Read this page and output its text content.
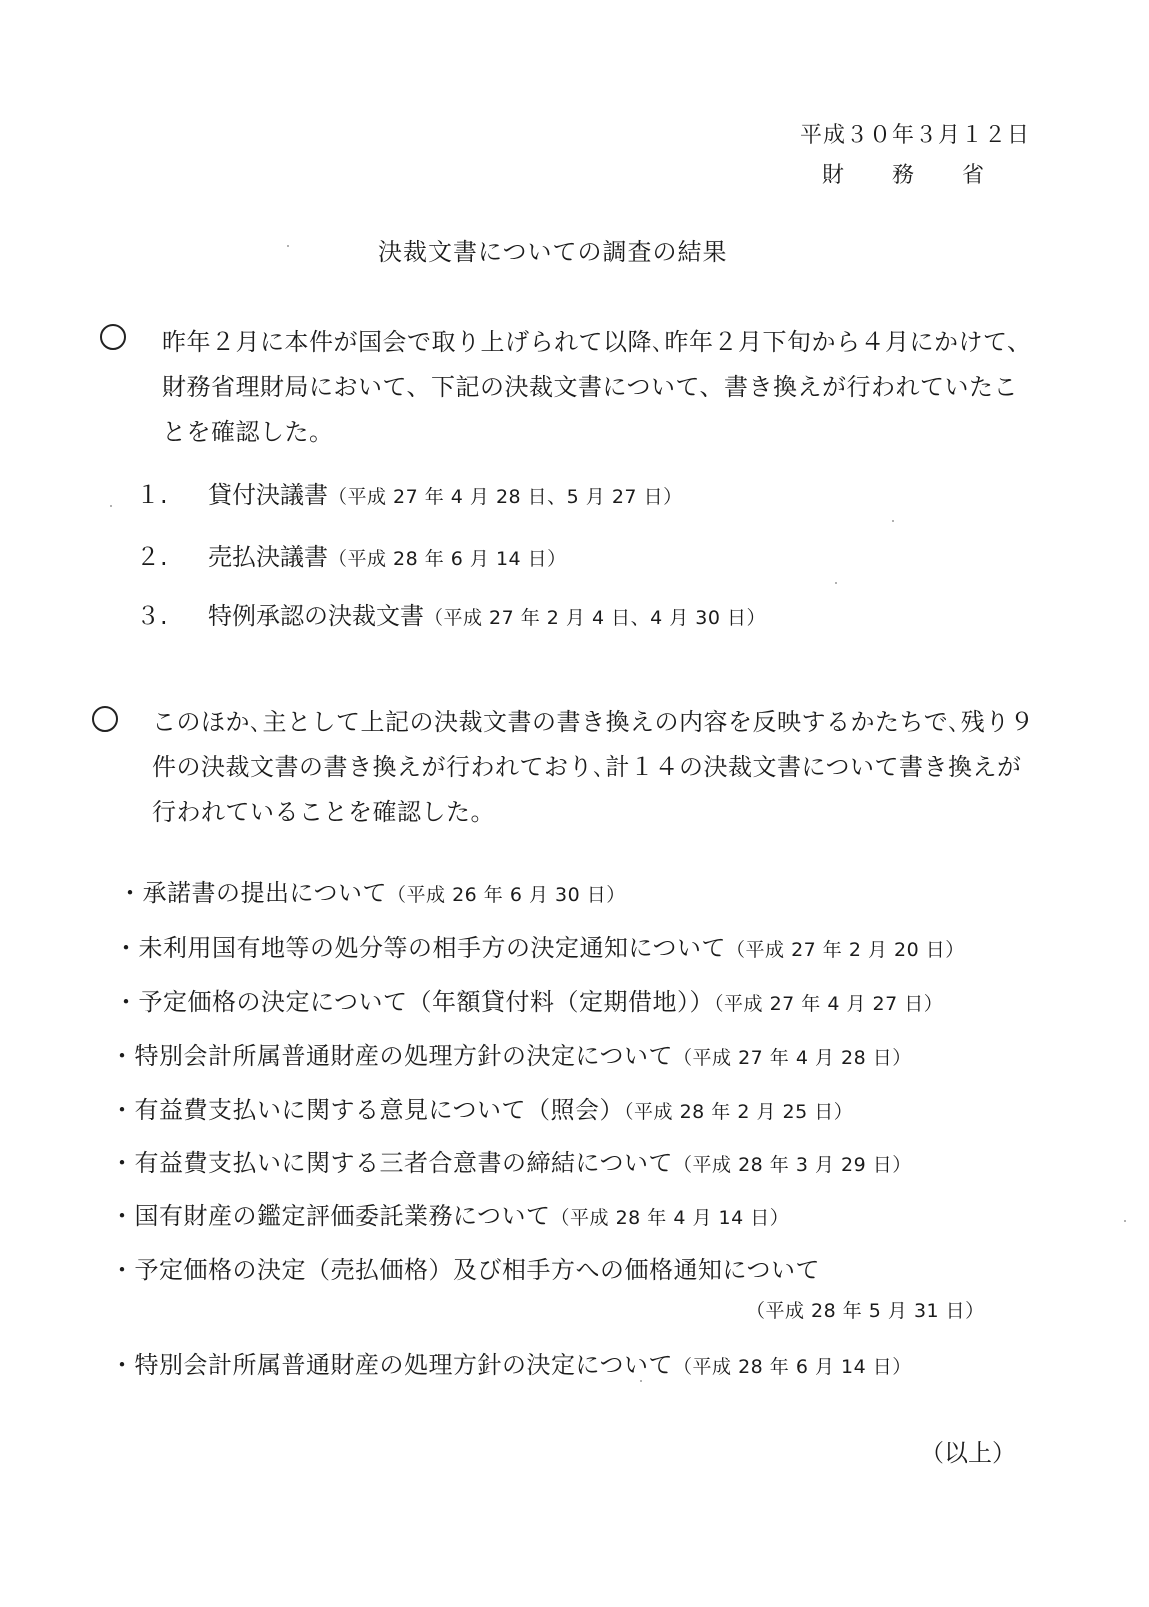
平成３０年３月１２日
財務省
決裁文書についての調査の結果
昨年２月に本件が国会で取り上げられて以降､昨年２月下旬から４月にかけて、財務省理財局において、下記の決裁文書について、書き換えが行われていたことを確認した。
１. 貸付決議書（平成 27 年 4 月 28 日、5 月 27 日）
２. 売払決議書（平成 28 年 6 月 14 日）
３. 特例承認の決裁文書（平成 27 年 2 月 4 日、4 月 30 日）
このほか､主として上記の決裁文書の書き換えの内容を反映するかたちで､残り９件の決裁文書の書き換えが行われており､計１４の決裁文書について書き換えが行われていることを確認した。
・承諾書の提出について（平成 26 年 6 月 30 日）
・未利用国有地等の処分等の相手方の決定通知について（平成 27 年 2 月 20 日）
・予定価格の決定について（年額貸付料（定期借地））（平成 27 年 4 月 27 日）
・特別会計所属普通財産の処理方針の決定について（平成 27 年 4 月 28 日）
・有益費支払いに関する意見について（照会）（平成 28 年 2 月 25 日）
・有益費支払いに関する三者合意書の締結について（平成 28 年 3 月 29 日）
・国有財産の鑑定評価委託業務について（平成 28 年 4 月 14 日）
・予定価格の決定（売払価格）及び相手方への価格通知について
（平成 28 年 5 月 31 日）
・特別会計所属普通財産の処理方針の決定について（平成 28 年 6 月 14 日）
（以上）
